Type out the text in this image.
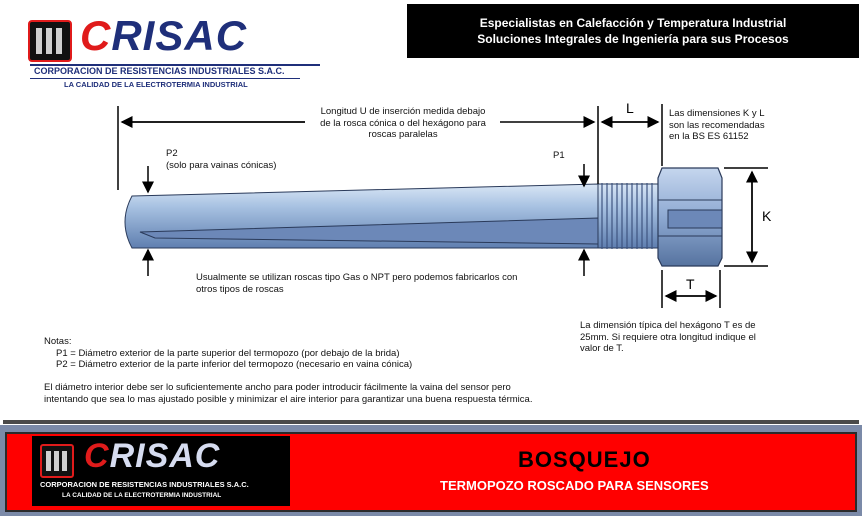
CRISAC
CORPORACION DE RESISTENCIAS INDUSTRIALES S.A.C.
LA CALIDAD DE LA ELECTROTERMIA INDUSTRIAL
Especialistas en Calefacción y Temperatura Industrial
Soluciones Integrales de Ingeniería para sus Procesos
Longitud U de inserción medida debajo
de la rosca cónica o del hexágono para
roscas paralelas
L
K
T
Las dimensiones K y L
son las recomendadas
en la BS ES 61152
P2
(solo para vainas cónicas)
P1
Usualmente se utilizan roscas tipo Gas o NPT pero podemos fabricarlos con
otros tipos de roscas
La dimensión típica del hexágono T es de
25mm. Si requiere otra longitud indique el
valor de T.
Notas:
P1 = Diámetro exterior de la parte superior del termopozo (por debajo de la brida)
P2 = Diámetro exterior de la parte inferior del termopozo (necesario en vaina cónica)
El diámetro interior debe ser lo suficientemente ancho para poder introducir fácilmente la vaina del sensor pero
intentando que sea lo mas ajustado posible y minimizar el aire interior para garantizar una buena respuesta térmica.
CRISAC
CORPORACION DE RESISTENCIAS INDUSTRIALES S.A.C.
LA CALIDAD DE LA ELECTROTERMIA INDUSTRIAL
BOSQUEJO
TERMOPOZO ROSCADO PARA SENSORES
